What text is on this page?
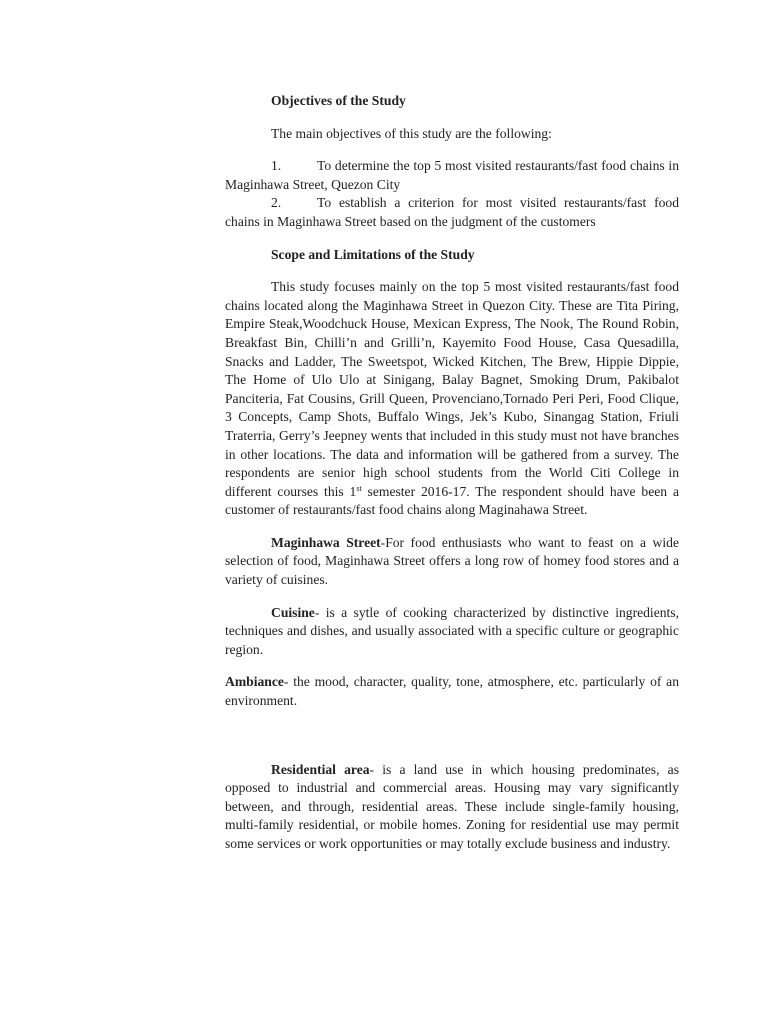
Objectives of the Study

The main objectives of this study are the following:

1.	To determine the top 5 most visited restaurants/fast food chains in Maginhawa Street, Quezon City

2.	To establish a criterion for most visited restaurants/fast food chains in Maginhawa Street based on the judgment of the customers

Scope and Limitations of the Study

This study focuses mainly on the top 5 most visited restaurants/fast food chains located along the Maginhawa Street in Quezon City. These are Tita Piring, Empire Steak,Woodchuck House, Mexican Express, The Nook, The Round Robin, Breakfast Bin, Chilli’n and Grilli’n, Kayemito Food House, Casa Quesadilla, Snacks and Ladder, The Sweetspot, Wicked Kitchen, The Brew, Hippie Dippie, The Home of Ulo Ulo at Sinigang, Balay Bagnet, Smoking Drum, Pakibalot Panciteria, Fat Cousins, Grill Queen, Provenciano,Tornado Peri Peri, Food Clique, 3 Concepts, Camp Shots, Buffalo Wings, Jek’s Kubo, Sinangag Station, Friuli Traterria, Gerry’s Jeepney wents that included in this study must not have branches in other locations. The data and information will be gathered from a survey. The respondents are senior high school students from the World Citi College in different courses this 1st semester 2016-17. The respondent should have been a customer of restaurants/fast food chains along Maginahawa Street.

Maginhawa Street-For food enthusiasts who want to feast on a wide selection of food, Maginhawa Street offers a long row of homey food stores and a variety of cuisines.

Cuisine- is a sytle of cooking characterized by distinctive ingredients, techniques and dishes, and usually associated with a specific culture or geographic region.

Ambiance- the mood, character, quality, tone, atmosphere, etc. particularly of an environment.

Residential area- is a land use in which housing predominates, as opposed to industrial and commercial areas. Housing may vary significantly between, and through, residential areas. These include single-family housing, multi-family residential, or mobile homes. Zoning for residential use may permit some services or work opportunities or may totally exclude business and industry.
